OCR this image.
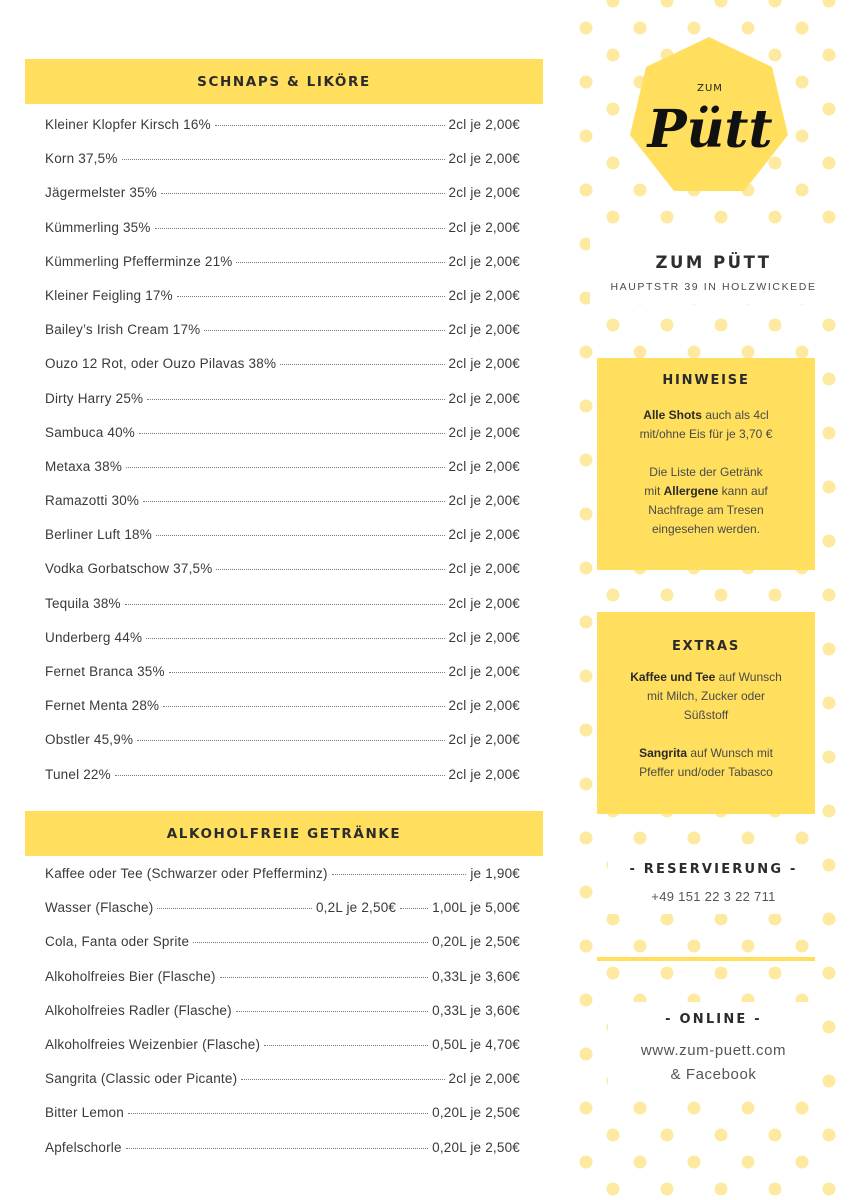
ZUM
Pütt
ZUM PÜTT
HAUPTSTR 39 IN HOLZWICKEDE
HINWEISE

Alle Shots auch als 4cl

mit/ohne Eis für je 3,70 €

Die Liste der Getränk

mit Allergene kann auf

Nachfrage am Tresen

eingesehen werden.

EXTRAS

Kaffee und Tee auf Wunsch

mit Milch, Zucker oder

Süßstoff

Sangrita auf Wunsch mit

Pfeffer und/oder Tabasco

- RESERVIERUNG -
+49 151 22 3 22 711
- ONLINE -
www.zum-puett.com
& Facebook
SCHNAPS & LIKÖRE
Kleiner Klopfer Kirsch 16%	2cl je 2,00€
Korn 37,5%	2cl je 2,00€
Jägermelster 35%	2cl je 2,00€
Kümmerling 35%	2cl je 2,00€
Kümmerling Pfefferminze 21%	2cl je 2,00€
Kleiner Feigling 17%	2cl je 2,00€
Bailey’s Irish Cream 17%	2cl je 2,00€
Ouzo 12 Rot, oder Ouzo Pilavas 38%	2cl je 2,00€
Dirty Harry 25%	2cl je 2,00€
Sambuca 40%	2cl je 2,00€
Metaxa 38%	2cl je 2,00€
Ramazotti 30%	2cl je 2,00€
Berliner Luft 18%	2cl je 2,00€
Vodka Gorbatschow 37,5%	2cl je 2,00€
Tequila 38%	2cl je 2,00€
Underberg 44%	2cl je 2,00€
Fernet Branca 35%	2cl je 2,00€
Fernet Menta 28%	2cl je 2,00€
Obstler 45,9%	2cl je 2,00€
Tunel 22%	2cl je 2,00€
ALKOHOLFREIE GETRÄNKE
Kaffee oder Tee (Schwarzer oder Pfefferminz)	je 1,90€
Wasser (Flasche)	0,2L je 2,50€	1,00L je 5,00€
Cola, Fanta oder Sprite	0,20L je 2,50€
Alkoholfreies Bier (Flasche)	0,33L je 3,60€
Alkoholfreies Radler (Flasche)	0,33L je 3,60€
Alkoholfreies Weizenbier (Flasche)	0,50L je 4,70€
Sangrita (Classic oder Picante)	2cl je 2,00€
Bitter Lemon	0,20L je 2,50€
Apfelschorle	0,20L je 2,50€
